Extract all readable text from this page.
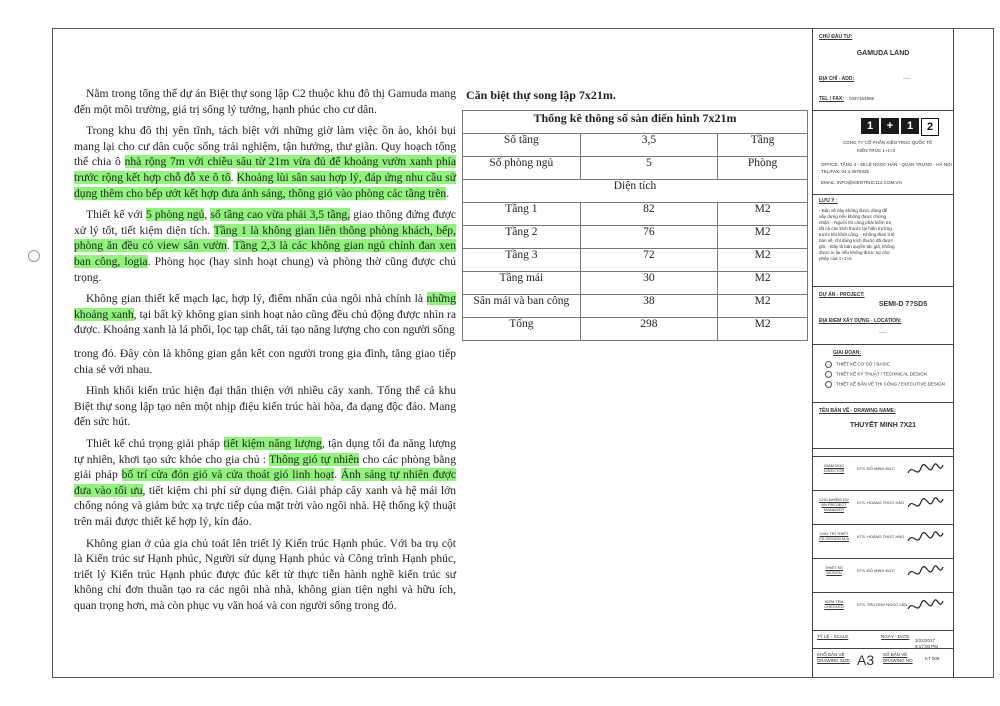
Nằm trong tổng thể dự án Biệt thự song lập C2 thuộc khu đô thị Gamuda mang đến một môi trường, giá trị sống lý tưởng, hạnh phúc cho cư dân.

Trong khu đô thị yên tĩnh, tách biệt với những giờ làm việc ồn ào, khói bụi mang lại cho cư dân cuộc sống trải nghiệm, tận hưởng, thư giãn. Quy hoạch tổng thể chia ô nhà rộng 7m với chiều sâu từ 21m vừa đủ để khoảng vườn xanh phía trước rộng kết hợp chỗ đỗ xe ô tô. Khoảng lùi sân sau hợp lý, đáp ứng nhu cầu sử dụng thêm cho bếp ướt kết hợp đưa ánh sáng, thông gió vào phòng các tầng trên.

Thiết kế với 5 phòng ngủ, số tầng cao vừa phải 3,5 tầng, giao thông đứng được xử lý tốt, tiết kiệm diện tích. Tầng 1 là không gian liên thông phòng khách, bếp, phòng ăn đều có view sân vườn. Tầng 2,3 là các không gian ngủ chính đan xen ban công, logia. Phòng học (hay sinh hoạt chung) và phòng thờ cũng được chú trọng.

Không gian thiết kế mạch lạc, hợp lý, điểm nhấn của ngôi nhà chính là những khoảng xanh, tại bất kỳ không gian sinh hoạt nào cũng đều chủ động được nhìn ra được. Khoảng xanh là lá phổi, lọc tạp chất, tái tạo năng lượng cho con người sống

trong đó. Đây còn là không gian gắn kết con người trong gia đình, tăng giao tiếp chia sẻ với nhau.

Hình khối kiến trúc hiện đại thân thiện với nhiều cây xanh. Tổng thể cả khu Biệt thự song lập tạo nên một nhịp điệu kiến trúc hài hòa, đa dạng độc đáo. Mang đến sức hút.

Thiết kế chú trọng giải pháp tiết kiệm năng lượng, tận dụng tối đa năng lượng tự nhiên, khơi tạo sức khỏe cho gia chủ : Thông gió tự nhiên cho các phòng bằng giải pháp bố trí cửa đón gió và cửa thoát gió linh hoạt. Ánh sáng tự nhiên được đưa vào tối ưu, tiết kiệm chi phí sử dụng điện. Giải pháp cây xanh và hệ mái lớn chống nóng và giảm bức xạ trực tiếp của mặt trời vào ngôi nhà. Hệ thống kỹ thuật trên mái được thiết kế hợp lý, kín đáo.

Không gian ở của gia chủ toát lên triết lý Kiến trúc Hạnh phúc. Với ba trụ cột là Kiến trúc sư Hạnh phúc, Người sử dụng Hạnh phúc và Công trình Hạnh phúc, triết lý Kiến trúc Hạnh phúc được đúc kết từ thực tiễn hành nghề kiến trúc sư không chỉ đơn thuần tạo ra các ngôi nhà nhà, không gian tiện nghi và hữu ích, quan trọng hơn, mà còn phục vụ văn hoá và con người sống trong đó.

Căn biệt thự song lập 7x21m.
Thống kê thông số sàn điển hình 7x21m		
Số tầng	3,5	Tầng
Số phòng ngủ	5	Phòng
Diện tích		
Tầng 1	82	M2
Tầng 2	76	M2
Tầng 3	72	M2
Tầng mái	30	M2
Sân mái và ban công	38	M2
Tổng	298	M2
CHỦ ĐẦU TƯ:
GAMUDA LAND
ĐỊA CHỈ - ADD:	-----
TEL / FAX: 0437164808
1	+	1	2
CÔNG TY CỔ PHẦN KIẾN TRÚC QUỐC TẾ
KIẾN TRÚC 1+1>2
OFFICE: TẦNG 4 - 38 LÊ NGỌC HÂN - QUẬN TRƯNG - HÀ NỘI
TEL/FAX: 04.4.3978425
EMAIL: INFO@KIENTRUC112.COM.VN
LƯU Ý :
- Bản vẽ này không được dùng để xây dựng nếu không được chứng nhận. - Người thi công phải kiểm tra tất cả các kích thước tại hiện trường trước khi khởi công. - Không theo tỉ lệ bản vẽ, chỉ dùng kích thước đã được ghi. - Đây là bản quyền tác giả, không được in lại nếu không được sự cho phép của 1+1>2.
DỰ ÁN - PROJECT:
SEMI-D 7?SD5
ĐỊA ĐIỂM XÂY DỰNG - LOCATION:
-----
GIAI ĐOẠN:
THIẾT KẾ CƠ SỞ / BASIC
THIẾT KẾ KỸ THUẬT / TECHNICAL DESIGN
THIẾT KẾ BẢN VẼ THI CÔNG / EXECUTIVE DESIGN
TÊN BẢN VẼ - DRAWING NAME:
THUYẾT MINH 7X21
GIÁM ĐỐC DIRECTOR	KTS. ĐỖ MINH ĐỨC
CHỦ NHIỆM DỰ ÁN PROJECT MANAGER
KTS. HOÀNG THỨC HẢO
CHỦ TRÌ THIẾT KẾ DESIGN M.A	KTS. HOÀNG THỨC HẢO
THIẾT KẾ DESIGN	KTS. ĐỖ MINH ĐỨC
KIỂM TRA CHECKED	KTS. TRƯƠNG NGỌC LÂN
TỶ LỆ - SCALE	NGÀY - DATE
3/22/2017 5:17:00 PM
KHỔ BẢN VẼ DRAWING SIZE A3 SỐ BẢN VẼ DRAWING NO	KT 005
